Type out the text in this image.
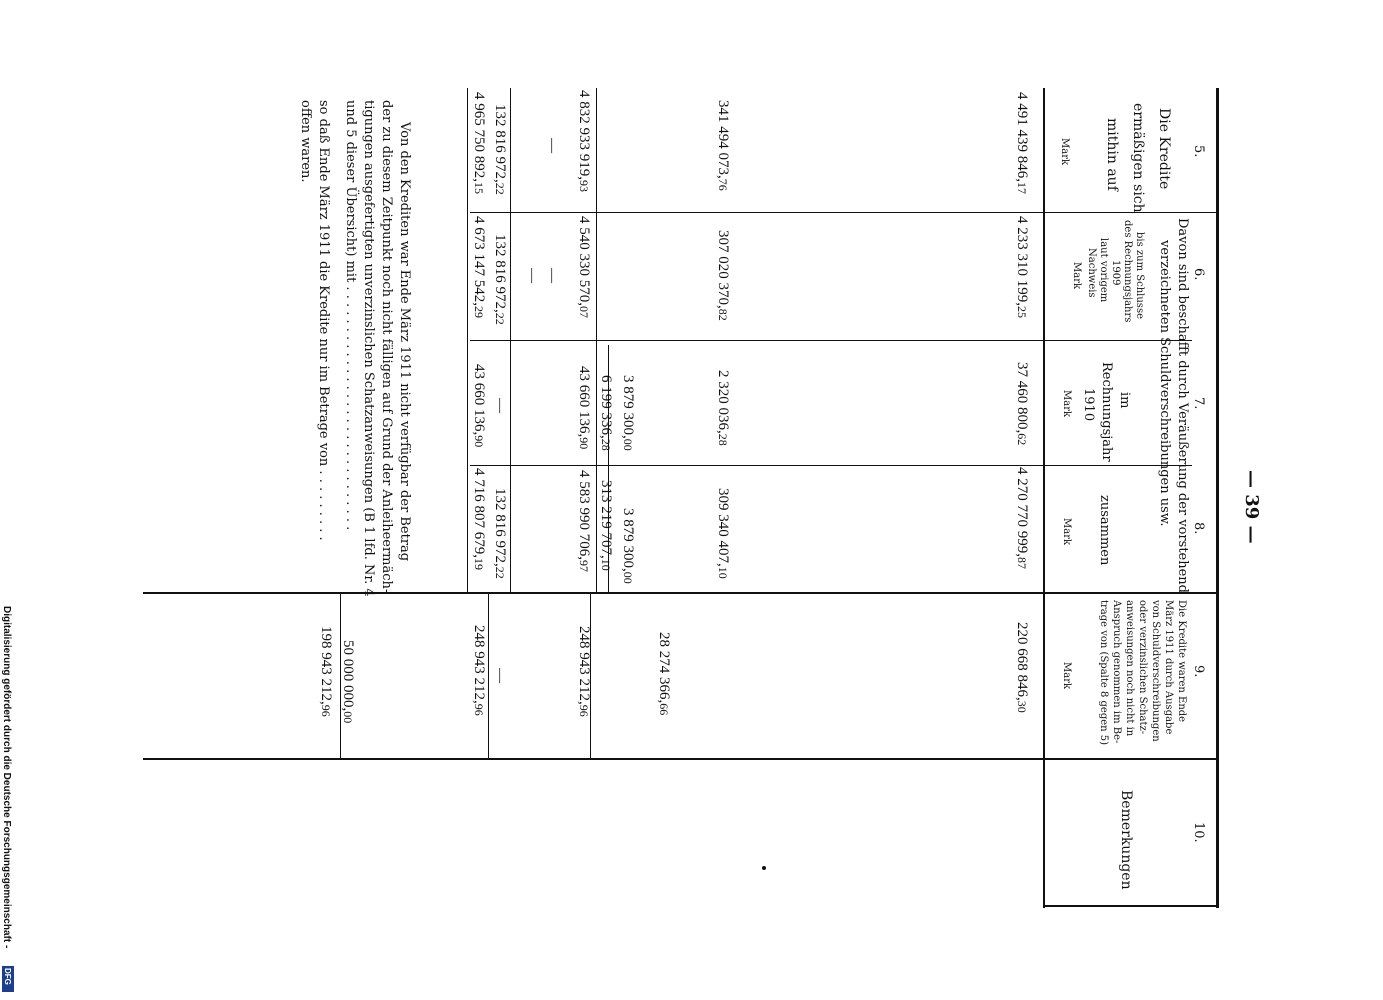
— 39 —
5.
6.
7.
8.
9.
10.
Die Kredite
ermäßigen sich
mithin auf
Mark
Davon sind beschafft durch Veräußerung der vorstehend
verzeichneten Schuldverschreibungen usw.
bis zum Schlusse
des Rechnungsjahrs
1909
laut vorigem
Nachweis
Mark
im
Rechnungsjahr
1910
Mark
zusammen
Mark
Die Kredite waren Ende
März 1911 durch Ausgabe
von Schuldverschreibungen
oder verzinslichen Schatz-
anweisungen noch nicht in
Anspruch genommen im Be-
trage von (Spalte 8 gegen 5)
Mark
Bemerkungen
4 491 439 846,17
4 233 310 199,25
37 460 800,62
4 270 770 999,87
220 668 846,30
341 494 073,76
307 020 370,82
2 320 036,28
309 340 407,10
28 274 366,66
3 879 300,00
3 879 300,00
6 199 336,28
313 219 707,10
4 832 933 919,93
4 540 330 570,07
43 660 136,90
4 583 990 706,97
248 943 212,96
—
—
—
132 816 972,22
132 816 972,22
—
132 816 972,22
—
4 965 750 892,15
4 673 147 542,29
43 660 136,90
4 716 807 679,19
248 943 212,96
Von den Krediten war Ende März 1911 nicht verfügbar der Betrag
der zu diesem Zeitpunkt noch nicht fälligen auf Grund der Anleiheermäch-
tigungen ausgefertigten unverzinslichen Schatzanweisungen (B 1 lfd. Nr. 4
und 5 dieser Übersicht) mit . . . . . . . . . . . . . . . . . . . . . . . . . . . . . .
so daß Ende März 1911 die Kredite nur im Betrage von . . . . . . . . .
offen waren.
50 000 000,00
198 943 212,96
Digitalisierung gefördert durch die Deutsche Forschungsgemeinschaft -
DFG
